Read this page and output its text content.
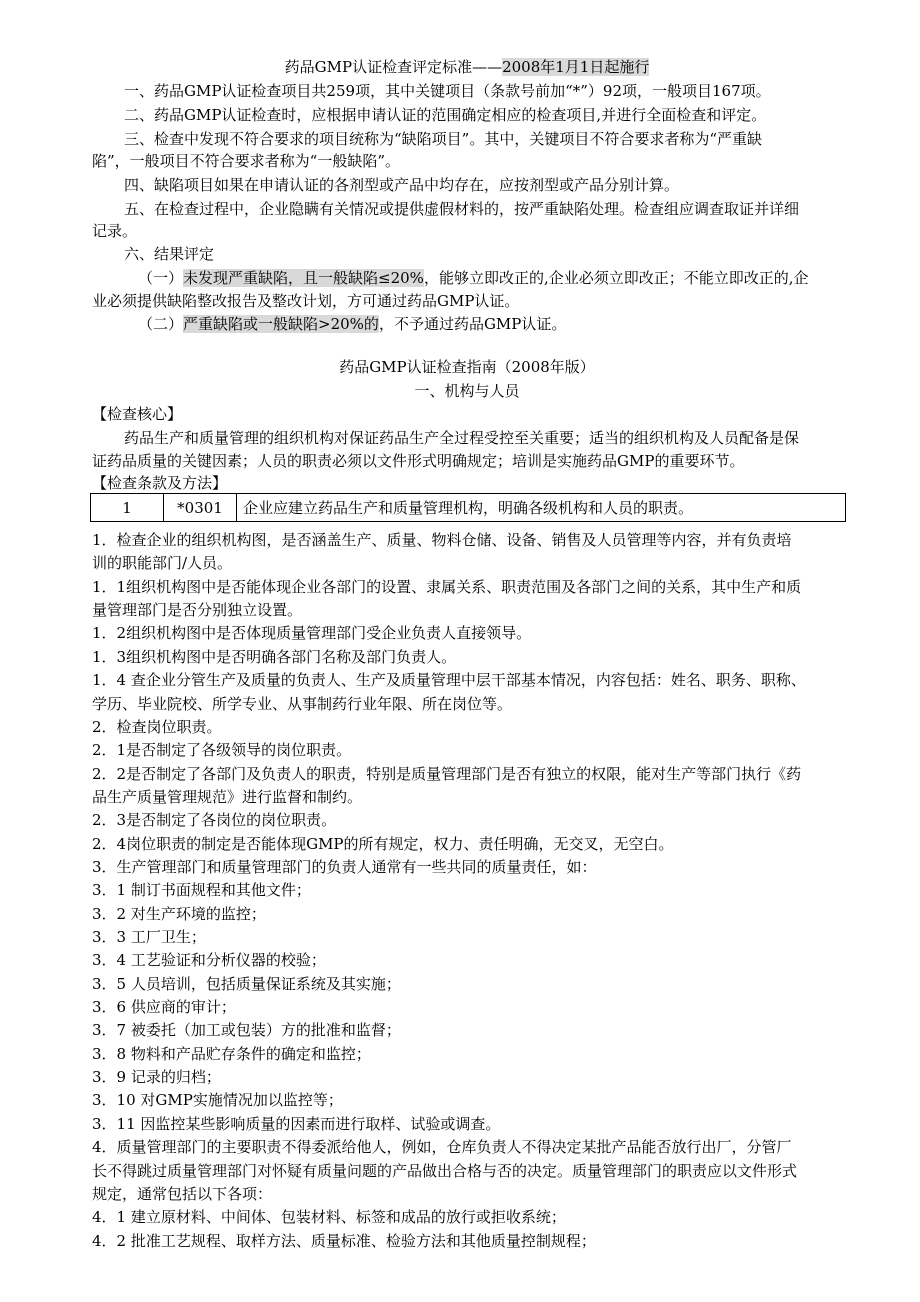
药品GMP认证检查评定标准——2008年1月1日起施行
一、药品GMP认证检查项目共259项，其中关键项目（条款号前加“*”）92项，一般项目167项。
二、药品GMP认证检查时，应根据申请认证的范围确定相应的检查项目,并进行全面检查和评定。
三、检查中发现不符合要求的项目统称为“缺陷项目”。其中，关键项目不符合要求者称为“严重缺
陷”，一般项目不符合要求者称为“一般缺陷”。
四、缺陷项目如果在申请认证的各剂型或产品中均存在，应按剂型或产品分别计算。
五、在检查过程中，企业隐瞒有关情况或提供虚假材料的，按严重缺陷处理。检查组应调查取证并详细
记录。
六、结果评定
（一）未发现严重缺陷，且一般缺陷≤20%，能够立即改正的,企业必须立即改正；不能立即改正的,企
业必须提供缺陷整改报告及整改计划，方可通过药品GMP认证。
（二）严重缺陷或一般缺陷>20%的，不予通过药品GMP认证。
药品GMP认证检查指南（2008年版）
一、机构与人员
【检查核心】
药品生产和质量管理的组织机构对保证药品生产全过程受控至关重要；适当的组织机构及人员配备是保
证药品质量的关键因素；人员的职责必须以文件形式明确规定；培训是实施药品GMP的重要环节。
【检查条款及方法】
1	*0301	企业应建立药品生产和质量管理机构，明确各级机构和人员的职责。
1．检查企业的组织机构图，是否涵盖生产、质量、物料仓储、设备、销售及人员管理等内容，并有负责培
训的职能部门/人员。
1．1组织机构图中是否能体现企业各部门的设置、隶属关系、职责范围及各部门之间的关系，其中生产和质
量管理部门是否分别独立设置。
1．2组织机构图中是否体现质量管理部门受企业负责人直接领导。
1．3组织机构图中是否明确各部门名称及部门负责人。
1．4 查企业分管生产及质量的负责人、生产及质量管理中层干部基本情况，内容包括：姓名、职务、职称、
学历、毕业院校、所学专业、从事制药行业年限、所在岗位等。
2．检查岗位职责。
2．1是否制定了各级领导的岗位职责。
2．2是否制定了各部门及负责人的职责，特别是质量管理部门是否有独立的权限，能对生产等部门执行《药
品生产质量管理规范》进行监督和制约。
2．3是否制定了各岗位的岗位职责。
2．4岗位职责的制定是否能体现GMP的所有规定，权力、责任明确，无交叉，无空白。
3．生产管理部门和质量管理部门的负责人通常有一些共同的质量责任，如：
3．1 制订书面规程和其他文件；
3．2 对生产环境的监控；
3．3 工厂卫生；
3．4 工艺验证和分析仪器的校验；
3．5 人员培训，包括质量保证系统及其实施；
3．6 供应商的审计；
3．7 被委托（加工或包装）方的批准和监督；
3．8 物料和产品贮存条件的确定和监控；
3．9 记录的归档；
3．10 对GMP实施情况加以监控等；
3．11 因监控某些影响质量的因素而进行取样、试验或调查。
4．质量管理部门的主要职责不得委派给他人，例如，仓库负责人不得决定某批产品能否放行出厂，分管厂
长不得跳过质量管理部门对怀疑有质量问题的产品做出合格与否的决定。质量管理部门的职责应以文件形式
规定，通常包括以下各项：
4．1 建立原材料、中间体、包装材料、标签和成品的放行或拒收系统；
4．2 批准工艺规程、取样方法、质量标准、检验方法和其他质量控制规程；
